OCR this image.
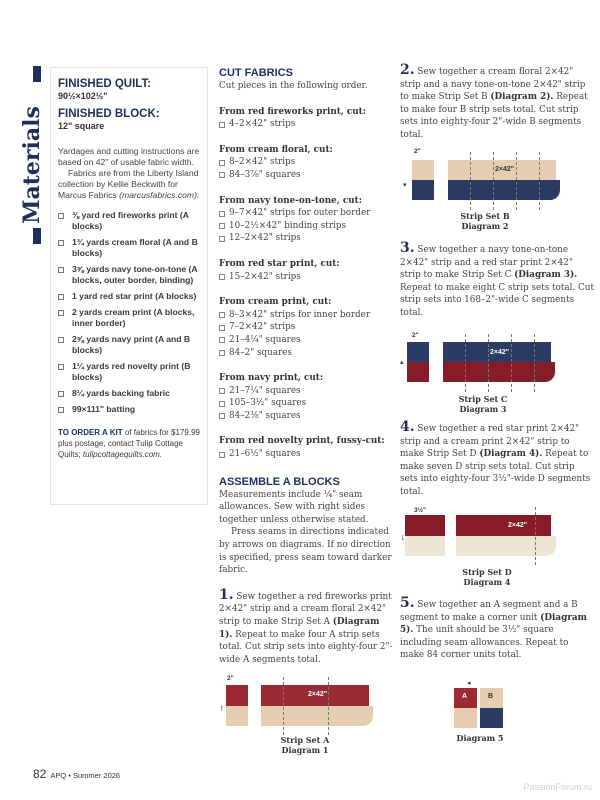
Materials
FINISHED QUILT:
90½×102½"
FINISHED BLOCK:
12" square
Yardages and cutting instructions are based on 42" of usable fabric width.
Fabrics are from the Liberty Island collection by Kellie Beckwith for Marcus Fabrics (marcusfabrics.com).
⅜ yard red fireworks print (A blocks)
1¾ yards cream floral (A and B blocks)
3⅝ yards navy tone-on-tone (A blocks, outer border, binding)
1 yard red star print (A blocks)
2 yards cream print (A blocks, inner border)
2⅝ yards navy print (A and B blocks)
1¼ yards red novelty print (B blocks)
8¼ yards backing fabric
99×111" batting
TO ORDER A KIT of fabrics for $179.99 plus postage, contact Tulip Cottage Quilts; tulipcottagequilts.com.
CUT FABRICS
Cut pieces in the following order.
From red fireworks print, cut:
4–2×42" strips
From cream floral, cut:
8–2×42" strips
84–3⅞" squares
From navy tone-on-tone, cut:
9–7×42" strips for outer border
10–2½×42" binding strips
12–2×42" strips
From red star print, cut:
15–2×42" strips
From cream print, cut:
8–3×42" strips for inner border
7–2×42" strips
21–4¼" squares
84–2" squares
From navy print, cut:
21–7¼" squares
105–3½" squares
84–2⅜" squares
From red novelty print, fussy-cut:
21–6½" squares
ASSEMBLE A BLOCKS
Measurements include ¼" seam allowances. Sew with right sides together unless otherwise stated.
Press seams in directions indicated by arrows on diagrams. If no direction is specified, press seam toward darker fabric.
1. Sew together a red fireworks print 2×42" strip and a cream floral 2×42" strip to make Strip Set A (Diagram 1). Repeat to make four A strip sets total. Cut strip sets into eighty-four 2"-wide A segments total.
2. Sew together a cream floral 2×42" strip and a navy tone-on-tone 2×42" strip to make Strip Set B (Diagram 2). Repeat to make four B strip sets total. Cut strip sets into eighty-four 2"-wide B segments total.
3. Sew together a navy tone-on-tone 2×42" strip and a red star print 2×42" strip to make Strip Set C (Diagram 3). Repeat to make eight C strip sets total. Cut strip sets into 168–2"-wide C segments total.
4. Sew together a red star print 2×42" strip and a cream print 2×42" strip to make Strip Set D (Diagram 4). Repeat to make seven D strip sets total. Cut strip sets into eighty-four 3½"-wide D segments total.
5. Sew together an A segment and a B segment to make a corner unit (Diagram 5). The unit should be 3½" square including seam allowances. Repeat to make 84 corner units total.
2"
↑
2×42"
Strip Set A
Diagram 1
2"
▾
2×42"
Strip Set B
Diagram 2
2"
▴
2×42"
Strip Set C
Diagram 3
3½"
↓
2×42"
Strip Set D
Diagram 4
◂
A	B
Diagram 5
82 APQ • Summer 2026
PassionForum.ru
